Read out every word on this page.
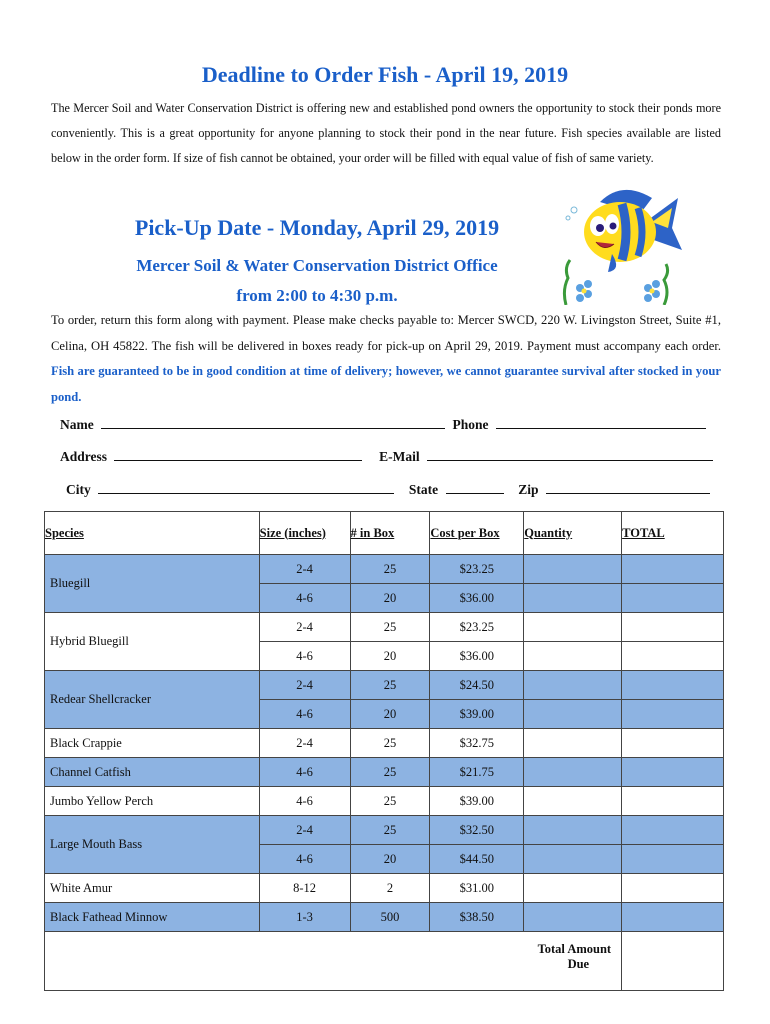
Deadline to Order Fish - April 19, 2019
The Mercer Soil and Water Conservation District is offering new and established pond owners the opportunity to stock their ponds more conveniently. This is a great opportunity for anyone planning to stock their pond in the near future. Fish species available are listed below in the order form. If size of fish cannot be obtained, your order will be filled with equal value of fish of same variety.
Pick-Up Date - Monday, April 29, 2019
Mercer Soil & Water Conservation District Office
from 2:00 to 4:30 p.m.
To order, return this form along with payment. Please make checks payable to: Mercer SWCD, 220 W. Livingston Street, Suite #1, Celina, OH 45822. The fish will be delivered in boxes ready for pick-up on April 29, 2019. Payment must accompany each order. Fish are guaranteed to be in good condition at time of delivery; however, we cannot guarantee survival after stocked in your pond.
Name	Phone
Address	E-Mail
City	State	Zip
Species	Size (inches)	# in Box	Cost per Box	Quantity	TOTAL
Bluegill	2-4	25	$23.25		
	4-6	20	$36.00		
Hybrid Bluegill	2-4	25	$23.25		
	4-6	20	$36.00		
Redear Shellcracker	2-4	25	$24.50		
	4-6	20	$39.00		
Black Crappie	2-4	25	$32.75		
Channel Catfish	4-6	25	$21.75		
Jumbo Yellow Perch	4-6	25	$39.00		
Large Mouth Bass	2-4	25	$32.50		
	4-6	20	$44.50		
White Amur	8-12	2	$31.00		
Black Fathead Minnow	1-3	500	$38.50		

Total Amount
Due					
